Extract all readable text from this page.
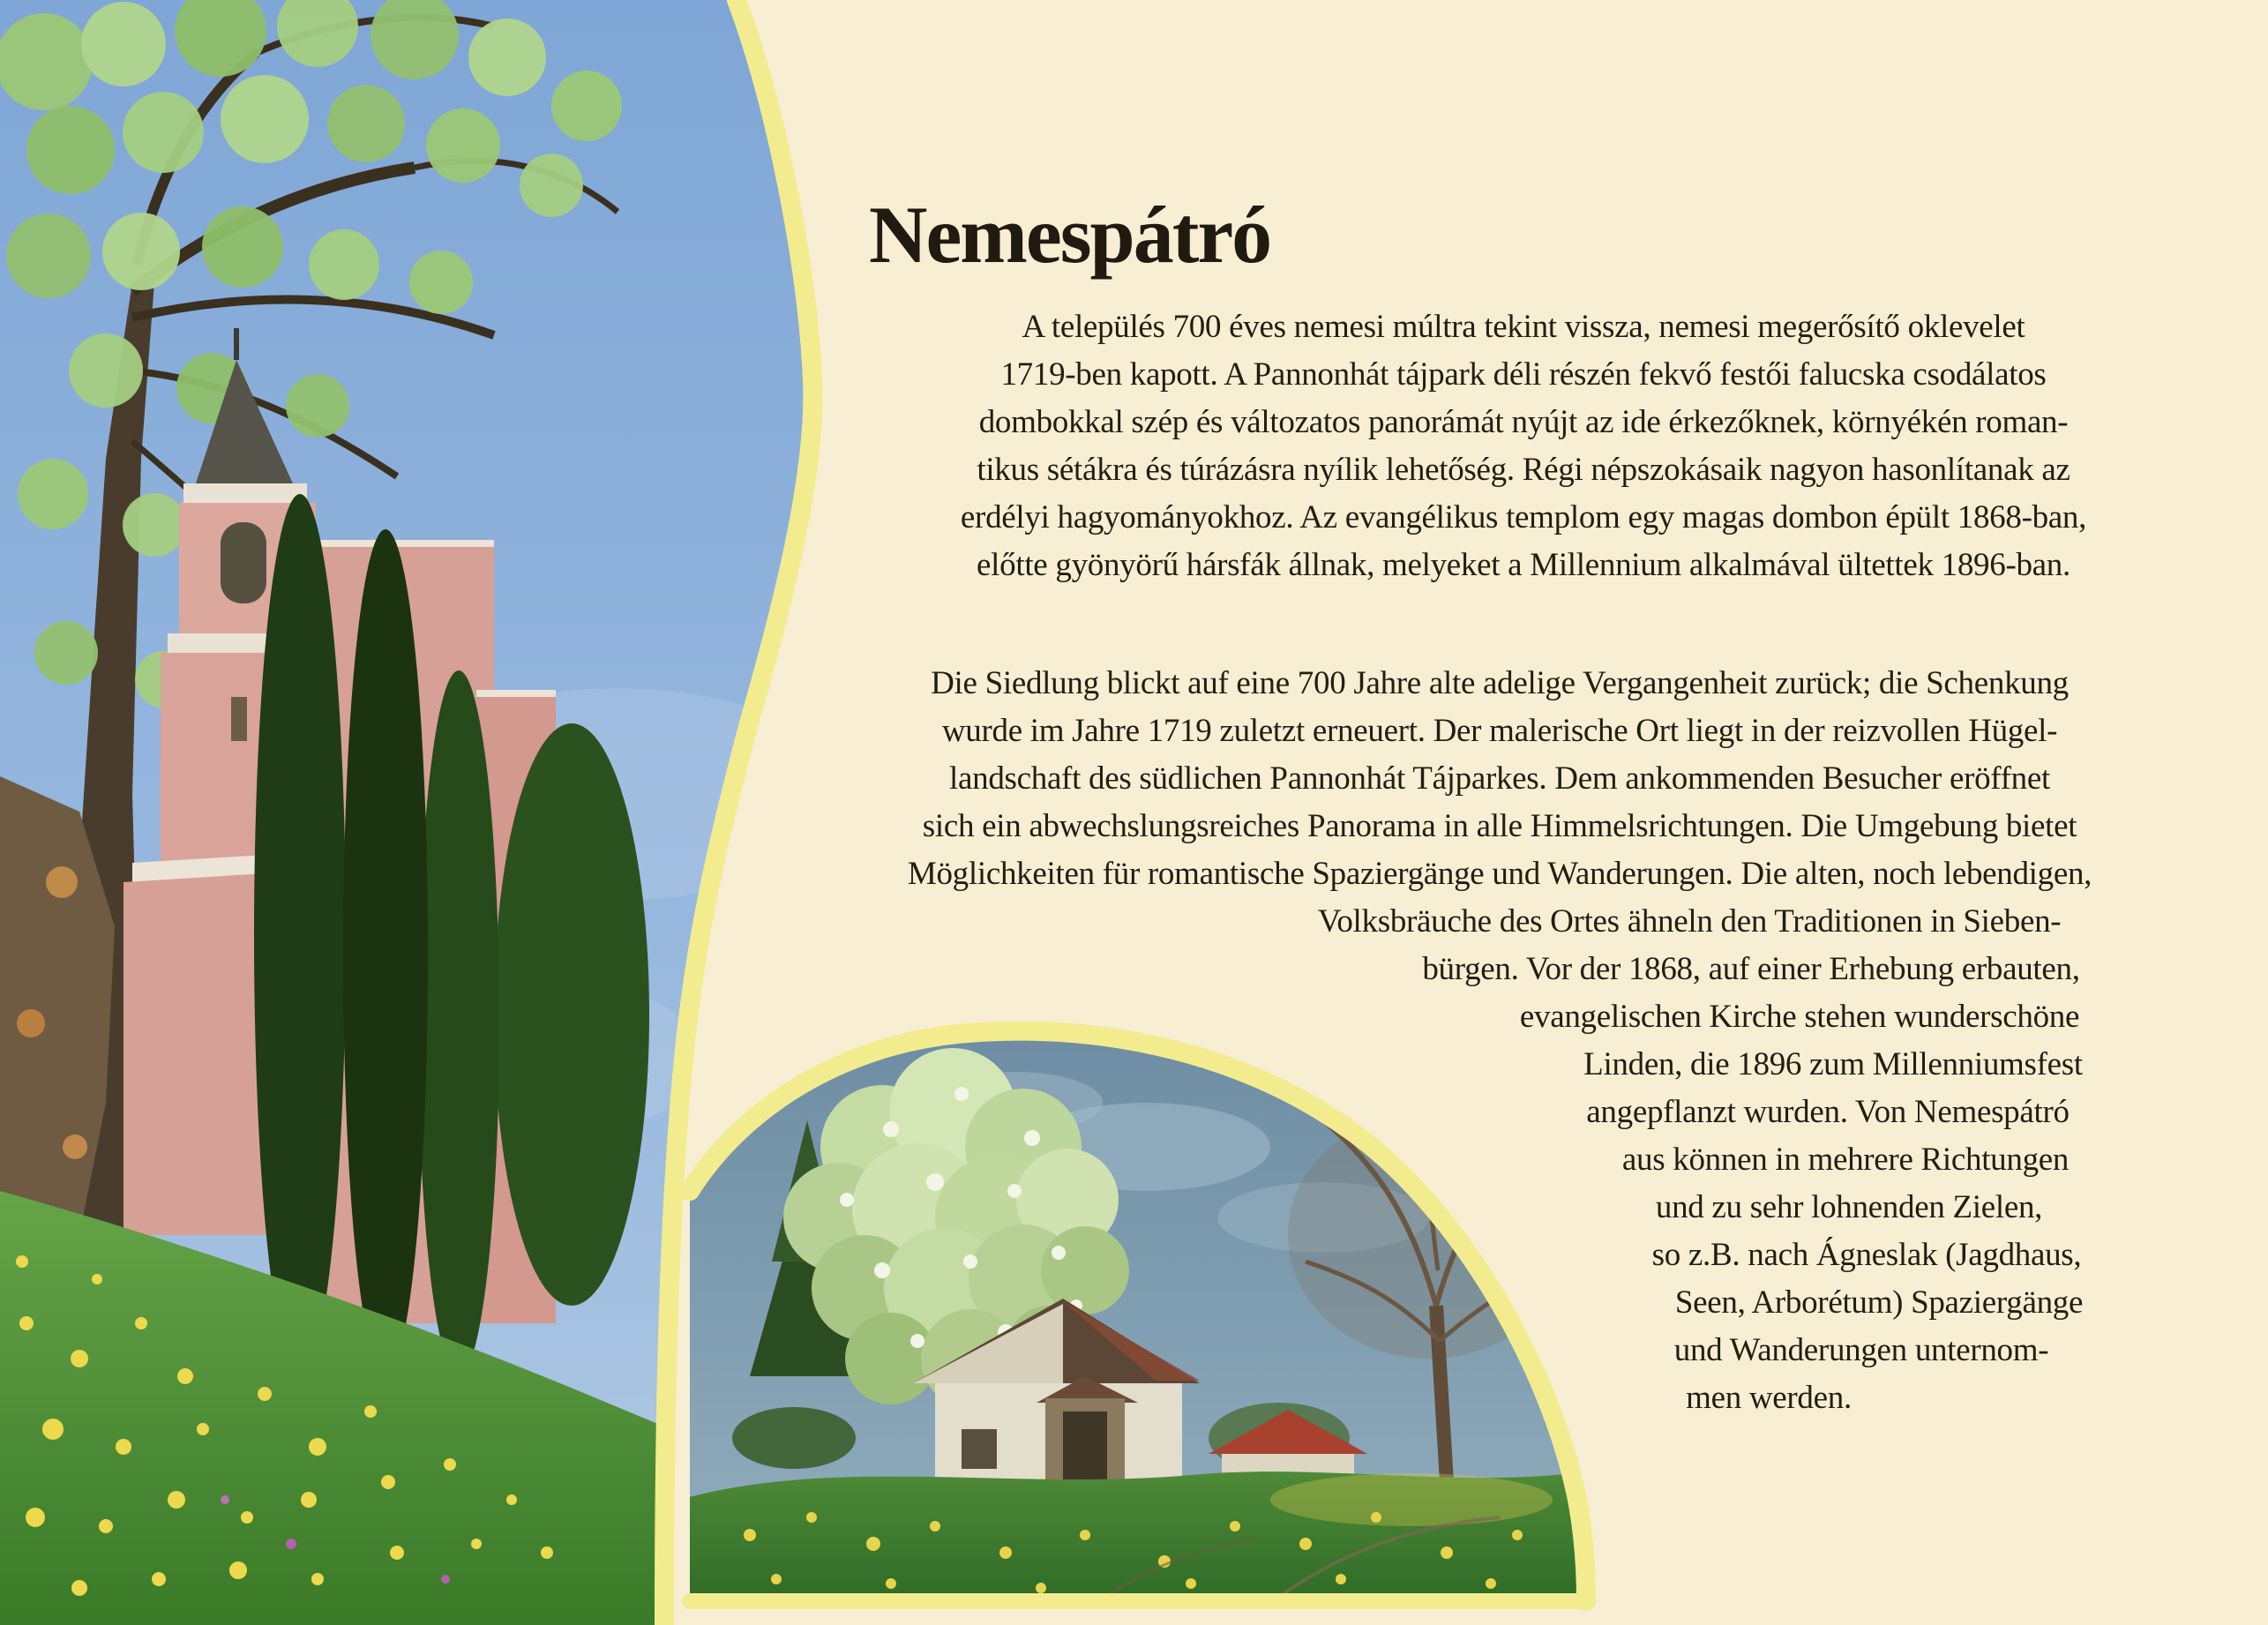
Nemespátró
A település 700 éves nemesi múltra tekint vissza, nemesi megerősítő oklevelet
1719-ben kapott. A Pannonhát tájpark déli részén fekvő festői falucska csodálatos
dombokkal szép és változatos panorámát nyújt az ide érkezőknek, környékén roman-
tikus sétákra és túrázásra nyílik lehetőség. Régi népszokásaik nagyon hasonlítanak az
erdélyi hagyományokhoz. Az evangélikus templom egy magas dombon épült 1868-ban,
előtte gyönyörű hársfák állnak, melyeket a Millennium alkalmával ültettek 1896-ban.
Die Siedlung blickt auf eine 700 Jahre alte adelige Vergangenheit zurück; die Schenkung
wurde im Jahre 1719 zuletzt erneuert. Der malerische Ort liegt in der reizvollen Hügel-
landschaft des südlichen Pannonhát Tájparkes. Dem ankommenden Besucher eröffnet
sich ein abwechslungsreiches Panorama in alle Himmelsrichtungen. Die Umgebung bietet
Möglichkeiten für romantische Spaziergänge und Wanderungen. Die alten, noch lebendigen,
Volksbräuche des Ortes ähneln den Traditionen in Sieben-
bürgen. Vor der 1868, auf einer Erhebung erbauten,
evangelischen Kirche stehen wunderschöne
Linden, die 1896 zum Millenniumsfest
angepflanzt wurden. Von Nemespátró
aus können in mehrere Richtungen
und zu sehr lohnenden Zielen,
so z.B. nach Ágneslak (Jagdhaus,
Seen, Arborétum) Spaziergänge
und Wanderungen unternom-
men werden.
